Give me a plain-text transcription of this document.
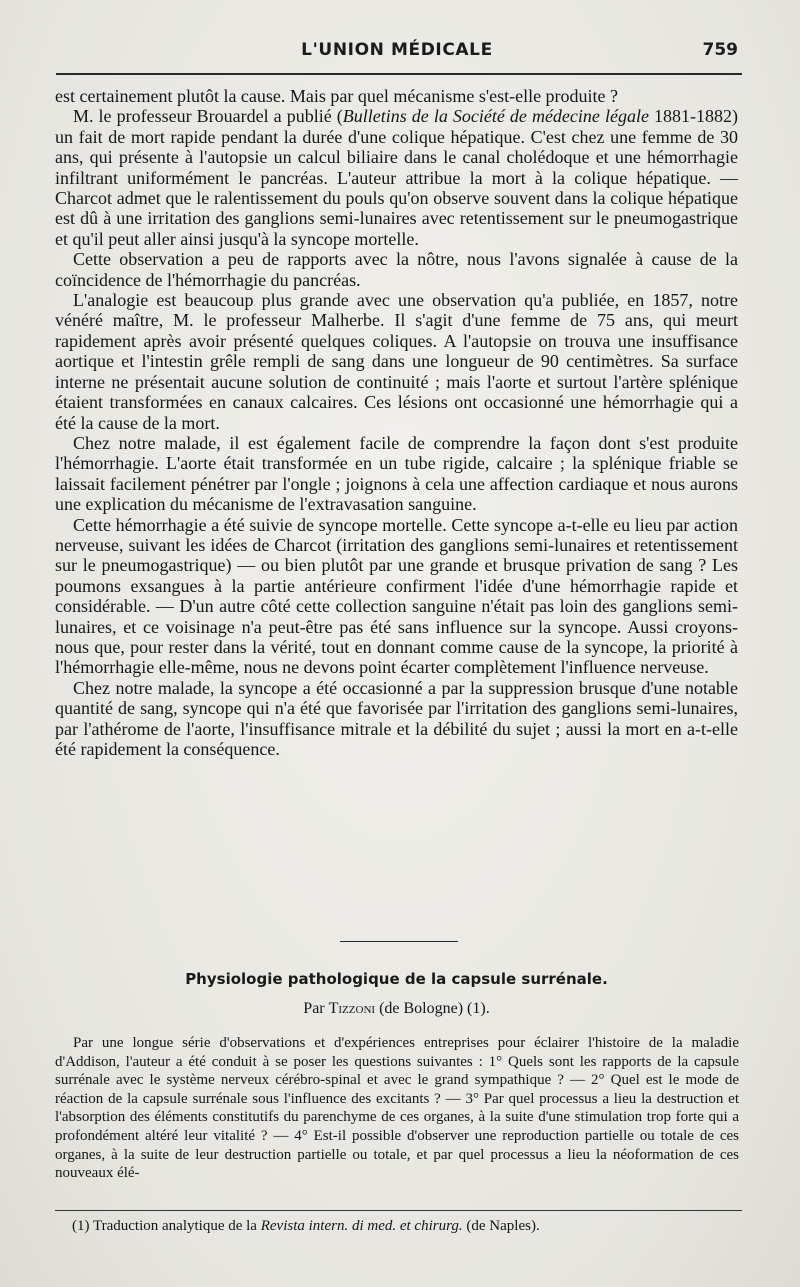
L'UNION MÉDICALE	759

est certainement plutôt la cause. Mais par quel mécanisme s'est-elle produite ?

M. le professeur Brouardel a publié (Bulletins de la Société de médecine légale 1881-1882) un fait de mort rapide pendant la durée d'une colique hépatique. C'est chez une femme de 30 ans, qui présente à l'autopsie un calcul biliaire dans le canal cholédoque et une hémorrhagie infiltrant uniformément le pancréas. L'auteur attribue la mort à la colique hépatique. — Charcot admet que le ralentissement du pouls qu'on observe souvent dans la colique hépatique est dû à une irritation des ganglions semi-lunaires avec retentissement sur le pneumogastrique et qu'il peut aller ainsi jusqu'à la syncope mortelle.

Cette observation a peu de rapports avec la nôtre, nous l'avons signalée à cause de la coïncidence de l'hémorrhagie du pancréas.

L'analogie est beaucoup plus grande avec une observation qu'a publiée, en 1857, notre vénéré maître, M. le professeur Malherbe. Il s'agit d'une femme de 75 ans, qui meurt rapidement après avoir présenté quelques coliques. A l'autopsie on trouva une insuffisance aortique et l'intestin grêle rempli de sang dans une longueur de 90 centimètres. Sa surface interne ne présentait aucune solution de continuité ; mais l'aorte et surtout l'artère splénique étaient transformées en canaux calcaires. Ces lésions ont occasionné une hémorrhagie qui a été la cause de la mort.

Chez notre malade, il est également facile de comprendre la façon dont s'est produite l'hémorrhagie. L'aorte était transformée en un tube rigide, calcaire ; la splénique friable se laissait facilement pénétrer par l'ongle ; joignons à cela une affection cardiaque et nous aurons une explication du mécanisme de l'extravasation sanguine.

Cette hémorrhagie a été suivie de syncope mortelle. Cette syncope a-t-elle eu lieu par action nerveuse, suivant les idées de Charcot (irritation des ganglions semi-lunaires et retentissement sur le pneumogastrique) — ou bien plutôt par une grande et brusque privation de sang ? Les poumons exsangues à la partie antérieure confirment l'idée d'une hémorrhagie rapide et considérable. — D'un autre côté cette collection sanguine n'était pas loin des ganglions semi-lunaires, et ce voisinage n'a peut-être pas été sans influence sur la syncope. Aussi croyons-nous que, pour rester dans la vérité, tout en donnant comme cause de la syncope, la priorité à l'hémorrhagie elle-même, nous ne devons point écarter complètement l'influence nerveuse.

Chez notre malade, la syncope a été occasionné a par la suppression brusque d'une notable quantité de sang, syncope qui n'a été que favorisée par l'irritation des ganglions semi-lunaires, par l'athérome de l'aorte, l'insuffisance mitrale et la débilité du sujet ; aussi la mort en a-t-elle été rapidement la conséquence.

Physiologie pathologique de la capsule surrénale.
Par Tizzoni (de Bologne) (1).

Par une longue série d'observations et d'expériences entreprises pour éclairer l'histoire de la maladie d'Addison, l'auteur a été conduit à se poser les questions suivantes : 1° Quels sont les rapports de la capsule surrénale avec le système nerveux cérébro-spinal et avec le grand sympathique ? — 2° Quel est le mode de réaction de la capsule surrénale sous l'influence des excitants ? — 3° Par quel processus a lieu la destruction et l'absorption des éléments constitutifs du parenchyme de ces organes, à la suite d'une stimulation trop forte qui a profondément altéré leur vitalité ? — 4° Est-il possible d'observer une reproduction partielle ou totale de ces organes, à la suite de leur destruction partielle ou totale, et par quel processus a lieu la néoformation de ces nouveaux élé-

(1) Traduction analytique de la Revista intern. di med. et chirurg. (de Naples).
